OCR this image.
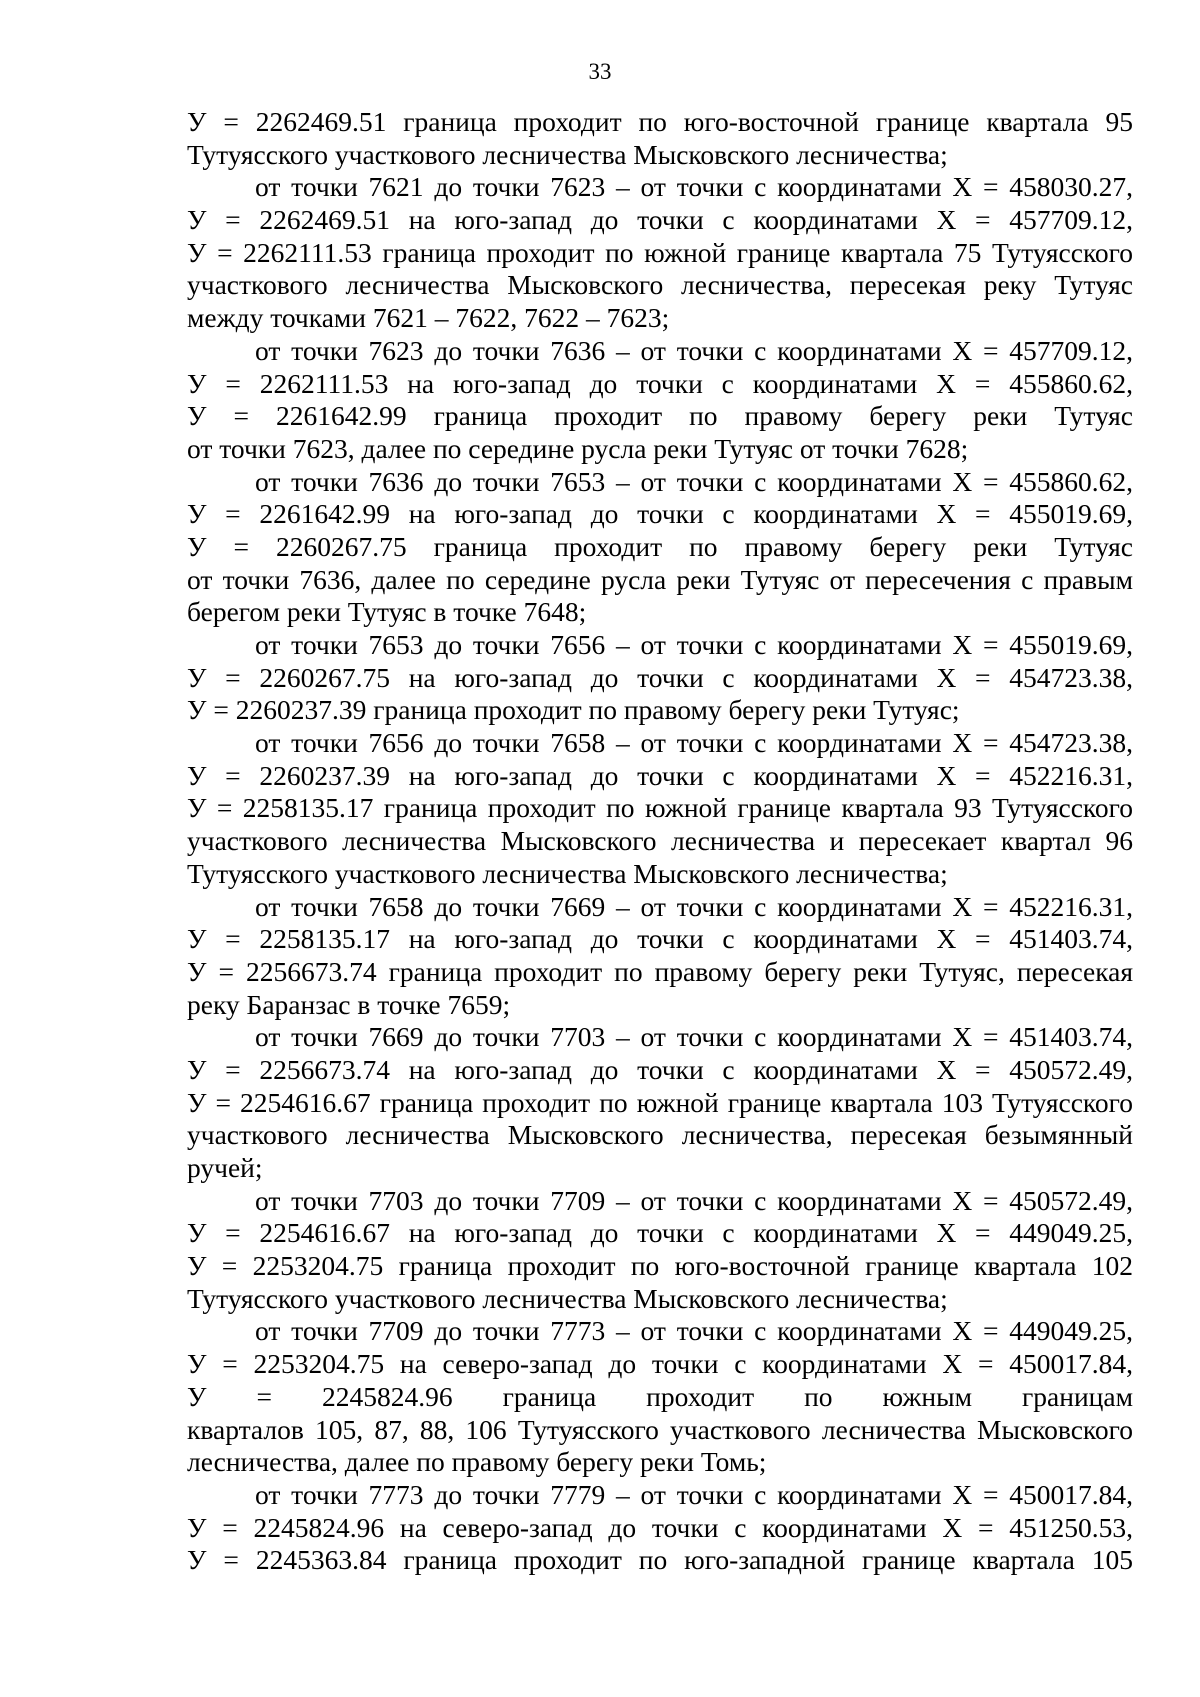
33
У = 2262469.51 граница проходит по юго-восточной границе квартала 95
Тутуясского участкового лесничества Мысковского лесничества;
от точки 7621 до точки 7623 – от точки с координатами Х = 458030.27,
У = 2262469.51 на юго-запад до точки с координатами Х = 457709.12,
У = 2262111.53 граница проходит по южной границе квартала 75 Тутуясского
участкового лесничества Мысковского лесничества, пересекая реку Тутуяс
между точками 7621 – 7622, 7622 – 7623;
от точки 7623 до точки 7636 – от точки с координатами Х = 457709.12,
У = 2262111.53 на юго-запад до точки с координатами Х = 455860.62,
У = 2261642.99 граница проходит по правому берегу реки Тутуяс
от точки 7623, далее по середине русла реки Тутуяс от точки 7628;
от точки 7636 до точки 7653 – от точки с координатами Х = 455860.62,
У = 2261642.99 на юго-запад до точки с координатами Х = 455019.69,
У = 2260267.75 граница проходит по правому берегу реки Тутуяс
от точки 7636, далее по середине русла реки Тутуяс от пересечения с правым
берегом реки Тутуяс в точке 7648;
от точки 7653 до точки 7656 – от точки с координатами Х = 455019.69,
У = 2260267.75 на юго-запад до точки с координатами Х = 454723.38,
У = 2260237.39 граница проходит по правому берегу реки Тутуяс;
от точки 7656 до точки 7658 – от точки с координатами Х = 454723.38,
У = 2260237.39 на юго-запад до точки с координатами Х = 452216.31,
У = 2258135.17 граница проходит по южной границе квартала 93 Тутуясского
участкового лесничества Мысковского лесничества и пересекает квартал 96
Тутуясского участкового лесничества Мысковского лесничества;
от точки 7658 до точки 7669 – от точки с координатами Х = 452216.31,
У = 2258135.17 на юго-запад до точки с координатами Х = 451403.74,
У = 2256673.74 граница проходит по правому берегу реки Тутуяс, пересекая
реку Баранзас в точке 7659;
от точки 7669 до точки 7703 – от точки с координатами Х = 451403.74,
У = 2256673.74 на юго-запад до точки с координатами Х = 450572.49,
У = 2254616.67 граница проходит по южной границе квартала 103 Тутуясского
участкового лесничества Мысковского лесничества, пересекая безымянный
ручей;
от точки 7703 до точки 7709 – от точки с координатами Х = 450572.49,
У = 2254616.67 на юго-запад до точки с координатами Х = 449049.25,
У = 2253204.75 граница проходит по юго-восточной границе квартала 102
Тутуясского участкового лесничества Мысковского лесничества;
от точки 7709 до точки 7773 – от точки с координатами Х = 449049.25,
У = 2253204.75 на северо-запад до точки с координатами Х = 450017.84,
У = 2245824.96 граница проходит по южным границам
кварталов 105, 87, 88, 106 Тутуясского участкового лесничества Мысковского
лесничества, далее по правому берегу реки Томь;
от точки 7773 до точки 7779 – от точки с координатами Х = 450017.84,
У = 2245824.96 на северо-запад до точки с координатами Х = 451250.53,
У = 2245363.84 граница проходит по юго-западной границе квартала 105
